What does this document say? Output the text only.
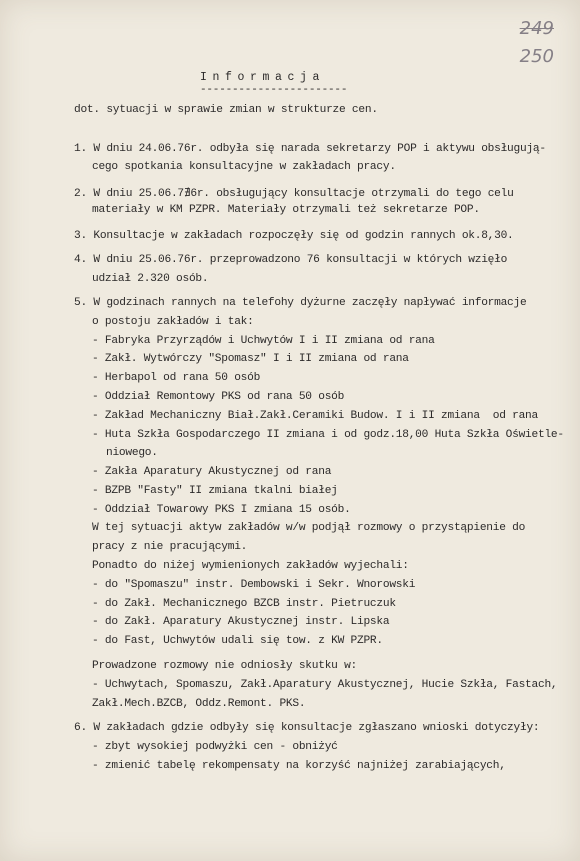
249
250
Informacja
-----------------------
dot. sytuacji w sprawie zmian w strukturze cen.
1. W dniu 24.06.76r. odbyła się narada sekretarzy POP i aktywu obsługują-
cego spotkania konsultacyjne w zakładach pracy.
2. W dniu 25.06.7∄6r. obsługujący konsultacje otrzymali do tego celu
materiały w KM PZPR. Materiały otrzymali też sekretarze POP.
3. Konsultacje w zakładach rozpoczęły się od godzin rannych ok.8,30.
4. W dniu 25.06.76r. przeprowadzono 76 konsultacji w których wzięło
udział 2.320 osób.
5. W godzinach rannych na telefohy dyżurne zaczęły napływać informacje
o postoju zakładów i tak:
- Fabryka Przyrządów i Uchwytów I i II zmiana od rana
- Zakł. Wytwórczy "Spomasz" I i II zmiana od rana
- Herbapol od rana 50 osób
- Oddział Remontowy PKS od rana 50 osób
- Zakład Mechaniczny Biał.Zakł.Ceramiki Budow. I i II zmiana  od rana
- Huta Szkła Gospodarczego II zmiana i od godz.18,00 Huta Szkła Oświetle-
niowego.
- Zakła Aparatury Akustycznej od rana
- BZPB "Fasty" II zmiana tkalni białej
- Oddział Towarowy PKS I zmiana 15 osób.
W tej sytuacji aktyw zakładów w/w podjął rozmowy o przystąpienie do
pracy z nie pracującymi.
Ponadto do niżej wymienionych zakładów wyjechali:
- do "Spomaszu" instr. Dembowski i Sekr. Wnorowski
- do Zakł. Mechanicznego BZCB instr. Pietruczuk
- do Zakł. Aparatury Akustycznej instr. Lipska
- do Fast, Uchwytów udali się tow. z KW PZPR.
Prowadzone rozmowy nie odniosły skutku w:
- Uchwytach, Spomaszu, Zakł.Aparatury Akustycznej, Hucie Szkła, Fastach,
Zakł.Mech.BZCB, Oddz.Remont. PKS.
6. W zakładach gdzie odbyły się konsultacje zgłaszano wnioski dotyczyły:
- zbyt wysokiej podwyżki cen - obniżyć
- zmienić tabelę rekompensaty na korzyść najniżej zarabiających,
